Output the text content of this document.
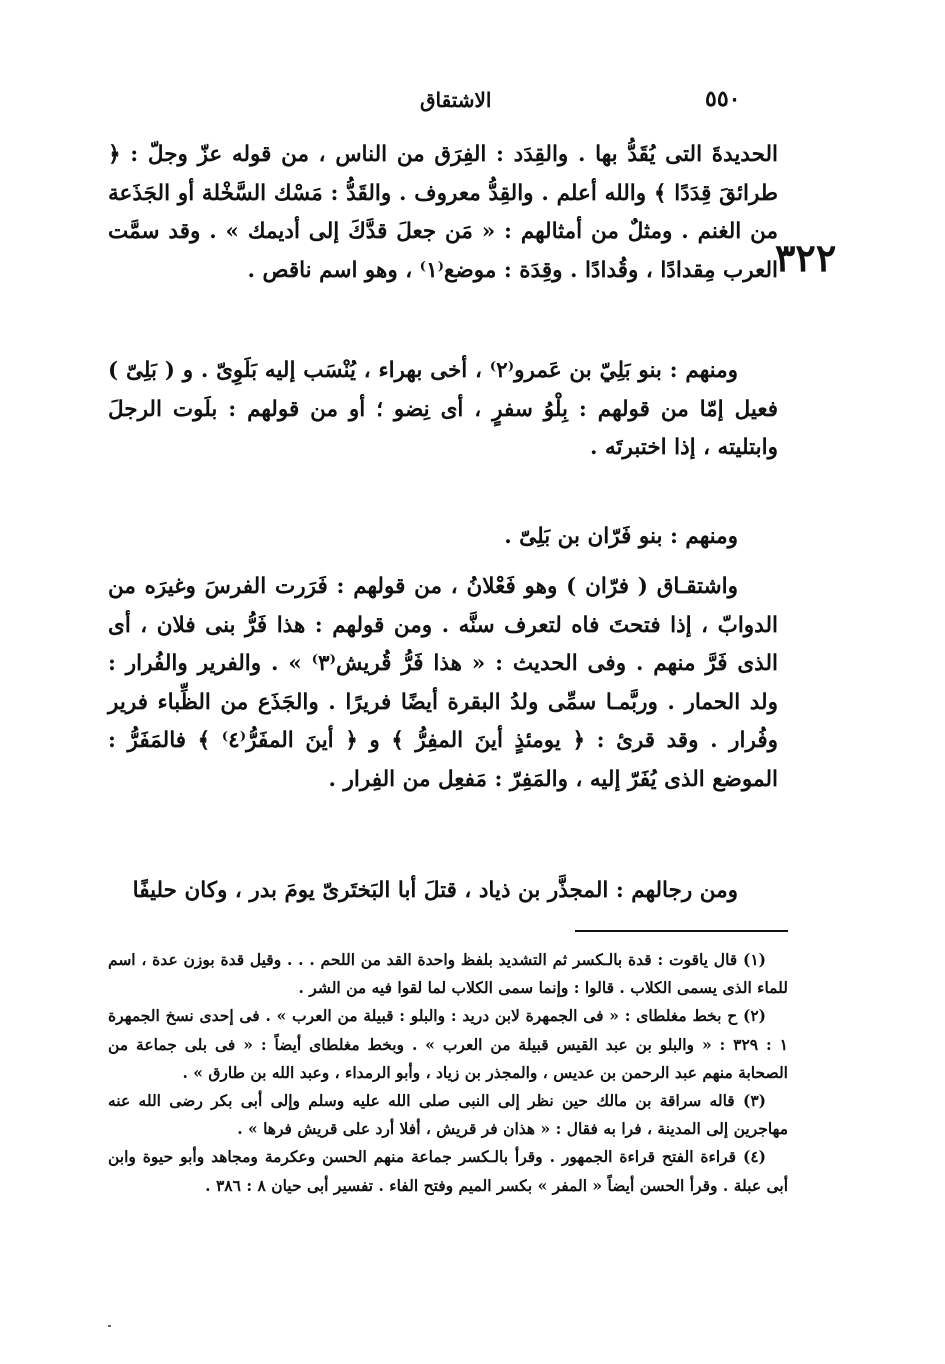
٥٥٠
الاشتقاق
٣٢٢

الحديدةَ التى يُقَدُّ بها . والقِدَد : الفِرَق من الناس ، من قوله عزّ وجلّ : ﴿ طرائقَ قِدَدًا ﴾ والله أعلم . والقِدُّ معروف . والقَدُّ : مَسْك السَّخْلة أو الجَذَعة من الغنم . ومثلٌ من أمثالهم : « مَن جعلَ قدَّكَ إلى أديمك » . وقد سمَّت العرب مِقدادًا ، وقُدادًا . وقِدَة : موضع⁽١⁾ ، وهو اسم ناقص .

ومنهم : بنو بَلِيّ بن عَمرو⁽٢⁾ ، أخى بهراء ، يُنْسَب إليه بَلَوِىّ . و ( بَلِىّ ) فعيل إمّا من قولهم : بِلْوُ سفرٍ ، أى نِضو ؛ أو من قولهم : بلَوت الرجلَ وابتليته ، إذا اختبرتَه .

ومنهم : بنو فَرّان بن بَلِىّ .

واشتقـاق ( فرّان ) وهو فَعْلانُ ، من قولهم : فَرَرت الفرسَ وغيرَه من الدوابّ ، إذا فتحتَ فاه لتعرف سنَّه . ومن قولهم : هذا فَرُّ بنى فلان ، أى الذى فَرَّ منهم . وفى الحديث : « هذا فَرُّ قُريش⁽٣⁾ » . والفرير والفُرار : ولد الحمار . وربَّمـا سمِّى ولدُ البقرة أيضًا فريرًا . والجَذَع من الظِّباء فرير وفُرار . وقد قرئ : ﴿ يومئذٍ أينَ المفِرُّ ﴾ و ﴿ أينَ المفَرُّ⁽٤⁾ ﴾ فالمَفَرُّ : الموضع الذى يُفَرّ إليه ، والمَفِرّ : مَفعِل من الفِرار .

ومن رجالهم : المجذَّر بن ذياد ، قتلَ أبا البَختَرىّ يومَ بدر ، وكان حليفًا

(١) قال ياقوت : قدة بالـكسر ثم التشديد بلفظ واحدة القد من اللحم . . . وقيل قدة بوزن عدة ، اسم للماء الذى يسمى الكلاب . قالوا : وإنما سمى الكلاب لما لقوا فيه من الشر .

(٢) ح بخط مغلطاى : « فى الجمهرة لابن دريد : والبلو : قبيلة من العرب » . فى إحدى نسخ الجمهرة ١ : ٣٢٩ : « والبلو بن عبد القيس قبيلة من العرب » . وبخط مغلطاى أيضاً : « فى بلى جماعة من الصحابة منهم عبد الرحمن بن عديس ، والمجذر بن زياد ، وأبو الرمداء ، وعبد الله بن طارق » .

(٣) قاله سراقة بن مالك حين نظر إلى النبى صلى الله عليه وسلم وإلى أبى بكر رضى الله عنه مهاجرين إلى المدينة ، فرا به فقال : « هذان فر قريش ، أفلا أرد على قريش فرها » .

(٤) قراءة الفتح قراءة الجمهور . وقرأ بالـكسر جماعة منهم الحسن وعكرمة ومجاهد وأبو حيوة وابن أبى عبلة . وقرأ الحسن أيضاً « المفر » بكسر الميم وفتح الفاء . تفسير أبى حيان ٨ : ٣٨٦ .
